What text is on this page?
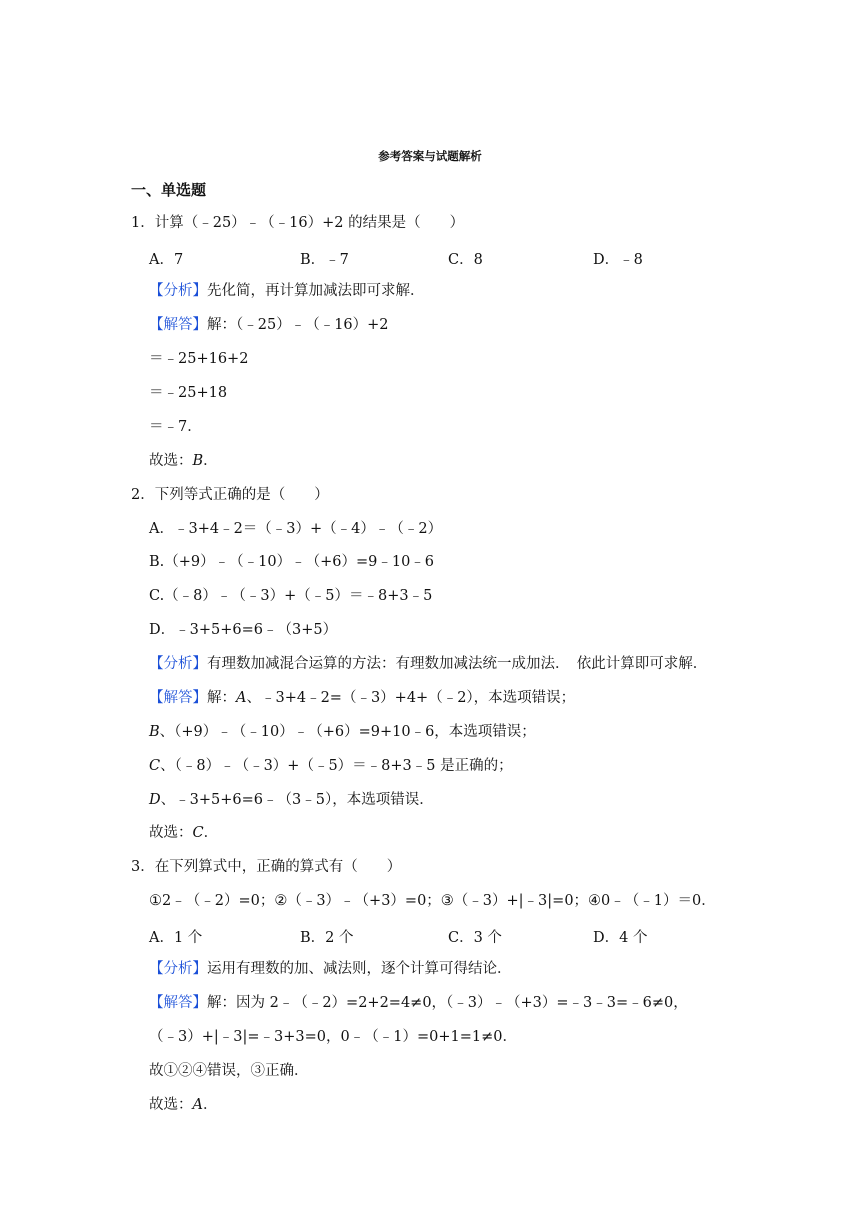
参考答案与试题解析
一、单选题
1．计算（﹣25）﹣（﹣16）+2 的结果是（　　）
A．7	B．﹣7	C．8	D．﹣8
【分析】先化简，再计算加减法即可求解．
【解答】解：（﹣25）﹣（﹣16）+2
＝﹣25+16+2
＝﹣25+18
＝﹣7．
故选：B．
2．下列等式正确的是（　　）
A．﹣3+4﹣2＝（﹣3）+（﹣4）﹣（﹣2）
B.（+9）﹣（﹣10）﹣（+6）=9﹣10﹣6
C.（﹣8）﹣（﹣3）+（﹣5）＝﹣8+3﹣5
D．﹣3+5+6=6﹣（3+5）
【分析】有理数加减混合运算的方法：有理数加减法统一成加法．　依此计算即可求解．
【解答】解：A、﹣3+4﹣2=（﹣3）+4+（﹣2），本选项错误；
B、（+9）﹣（﹣10）﹣（+6）=9+10﹣6，本选项错误；
C、（﹣8）﹣（﹣3）+（﹣5）＝﹣8+3﹣5 是正确的；
D、﹣3+5+6=6﹣（3﹣5），本选项错误．
故选：C．
3．在下列算式中，正确的算式有（　　）
①2﹣（﹣2）=0；②（﹣3）﹣（+3）=0；③（﹣3）+|﹣3|=0；④0﹣（﹣1）＝0．
A．1 个	B．2 个	C．3 个	D．4 个
【分析】运用有理数的加、减法则，逐个计算可得结论．
【解答】解：因为 2﹣（﹣2）=2+2=4≠0，（﹣3）﹣（+3）=﹣3﹣3=﹣6≠0，
（﹣3）+|﹣3|=﹣3+3=0，0﹣（﹣1）=0+1=1≠0．
故①②④错误，③正确．
故选：A．
